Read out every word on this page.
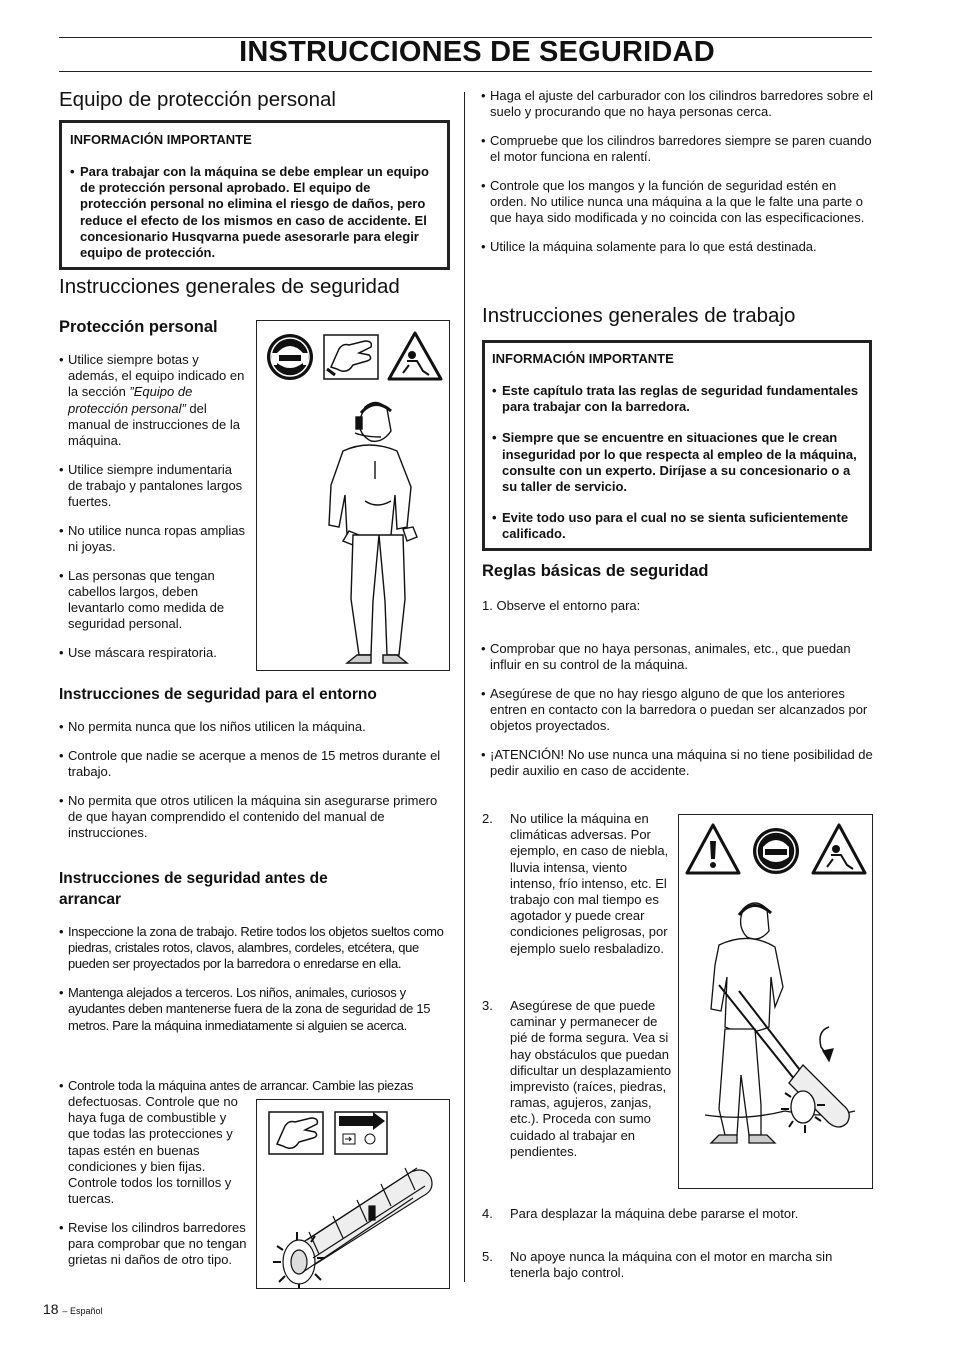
INSTRUCCIONES DE SEGURIDAD
Equipo de protección personal
INFORMACIÓN IMPORTANTE
• Para trabajar con la máquina se debe emplear un equipo de protección personal aprobado. El equipo de protección personal no elimina el riesgo de daños, pero reduce el efecto de los mismos en caso de accidente. El concesionario Husqvarna puede asesorarle para elegir equipo de protección.
Instrucciones generales de seguridad
Protección personal
• Utilice siempre botas y además, el equipo indicado en la sección ”Equipo de protección personal” del manual de instrucciones de la máquina.
• Utilice siempre indumentaria de trabajo y pantalones largos fuertes.
• No utilice nunca ropas amplias ni joyas.
• Las personas que tengan cabellos largos, deben levantarlo como medida de seguridad personal.
• Use máscara respiratoria.
Instrucciones de seguridad para el entorno
• No permita nunca que los niños utilicen la máquina.
• Controle que nadie se acerque a menos de 15 metros durante el trabajo.
• No permita que otros utilicen la máquina sin asegurarse primero de que hayan comprendido el contenido del manual de instrucciones.
Instrucciones de seguridad antes de arrancar
• Inspeccione la zona de trabajo. Retire todos los objetos sueltos como piedras, cristales rotos, clavos, alambres, cordeles, etcétera, que pueden ser proyectados por la barredora o enredarse en ella.
• Mantenga alejados a terceros. Los niños, animales, curiosos y ayudantes deben mantenerse fuera de la zona de seguridad de 15 metros. Pare la máquina inmediatamente si alguien se acerca.
• Controle toda la máquina antes de arrancar. Cambie las piezas
defectuosas. Controle que no haya fuga de combustible y que todas las protecciones y tapas estén en buenas condiciones y bien fijas. Controle todos los tornillos y tuercas.
• Revise los cilindros barredores para comprobar que no tengan grietas ni daños de otro tipo.
18 – Español
• Haga el ajuste del carburador con los cilindros barredores sobre el suelo y procurando que no haya personas cerca.
• Compruebe que los cilindros barredores siempre se paren cuando el motor funciona en ralentí.
• Controle que los mangos y la función de seguridad estén en orden. No utilice nunca una máquina a la que le falte una parte o que haya sido modificada y no coincida con las especificaciones.
• Utilice la máquina solamente para lo que está destinada.
Instrucciones generales de trabajo
INFORMACIÓN IMPORTANTE
• Este capítulo trata las reglas de seguridad fundamentales para trabajar con la barredora.
• Siempre que se encuentre en situaciones que le crean inseguridad por lo que respecta al empleo de la máquina, consulte con un experto. Diríjase a su concesionario o a su taller de servicio.
• Evite todo uso para el cual no se sienta suficientemente calificado.
Reglas básicas de seguridad
1. Observe el entorno para:
• Comprobar que no haya personas, animales, etc., que puedan influir en su control de la máquina.
• Asegúrese de que no hay riesgo alguno de que los anteriores entren en contacto con la barredora o puedan ser alcanzados por objetos proyectados.
• ¡ATENCIÓN! No use nunca una máquina si no tiene posibilidad de pedir auxilio en caso de accidente.
2. No utilice la máquina en climáticas adversas. Por ejemplo, en caso de niebla, lluvia intensa, viento intenso, frío intenso, etc. El trabajo con mal tiempo es agotador y puede crear condiciones peligrosas, por ejemplo suelo resbaladizo.
3. Asegúrese de que puede caminar y permanecer de pié de forma segura. Vea si hay obstáculos que puedan dificultar un desplazamiento imprevisto (raíces, piedras, ramas, agujeros, zanjas, etc.). Proceda con sumo cuidado al trabajar en pendientes.
4. Para desplazar la máquina debe pararse el motor.
5. No apoye nunca la máquina con el motor en marcha sin tenerla bajo control.
